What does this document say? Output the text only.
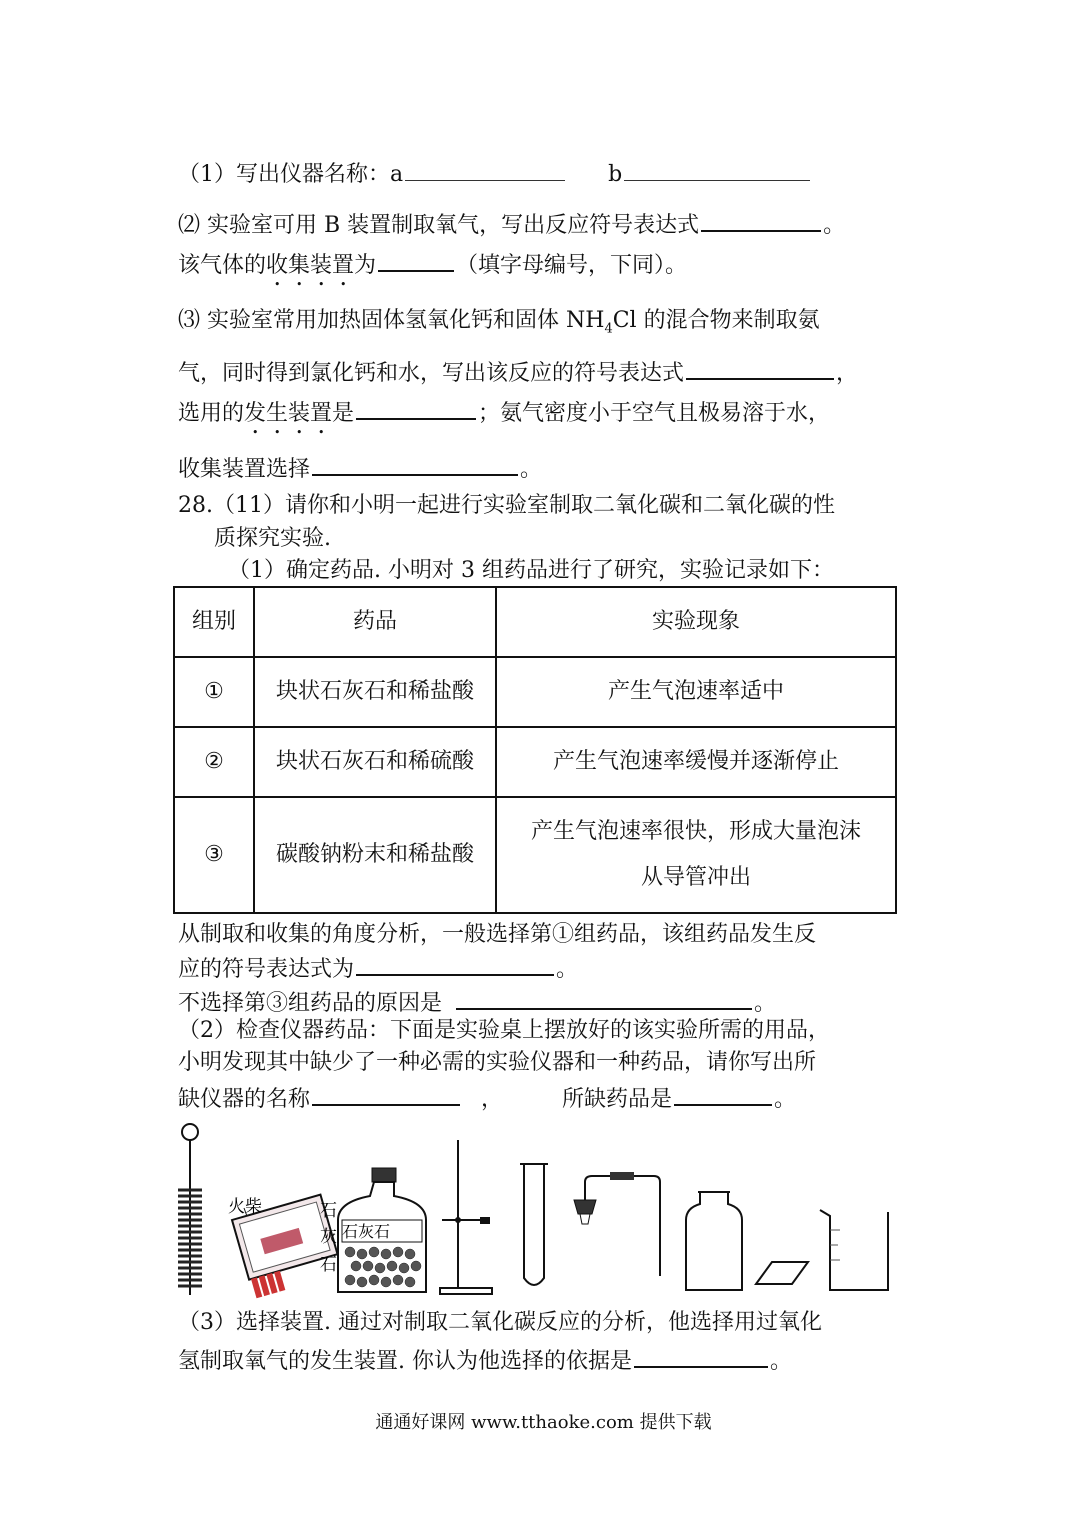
（1）写出仪器名称：a	b
⑵ 实验室可用 B 装置制取氧气，写出反应符号表达式	。
该气体的收集装置为	（填字母编号，下同）。
⑶ 实验室常用加热固体氢氧化钙和固体 $NH_4Cl$ 的混合物来制取氨
气，同时得到氯化钙和水，写出该反应的符号表达式	，
选用的发生装置是	；氨气密度小于空气且极易溶于水，
收集装置选择	。
28.（11）请你和小明一起进行实验室制取二氧化碳和二氧化碳的性
质探究实验.
（1）确定药品. 小明对 3 组药品进行了研究，实验记录如下：
组别	药品	实验现象
①	块状石灰石和稀盐酸	产生气泡速率适中
②	块状石灰石和稀硫酸	产生气泡速率缓慢并逐渐停止
③	碳酸钠粉末和稀盐酸	产生气泡速率很快，形成大量泡沫
从导管冲出
从制取和收集的角度分析，一般选择第①组药品，该组药品发生反
应的符号表达式为	。
不选择第③组药品的原因是	。
（2）检查仪器药品：下面是实验桌上摆放好的该实验所需的用品，
小明发现其中缺少了一种必需的实验仪器和一种药品，请你写出所
缺仪器的名称	，	所缺药品是	。
火柴
石灰石
石
灰
石
（3）选择装置. 通过对制取二氧化碳反应的分析，他选择用过氧化
氢制取氧气的发生装置. 你认为他选择的依据是	。
通通好课网 www.tthaoke.com 提供下载
